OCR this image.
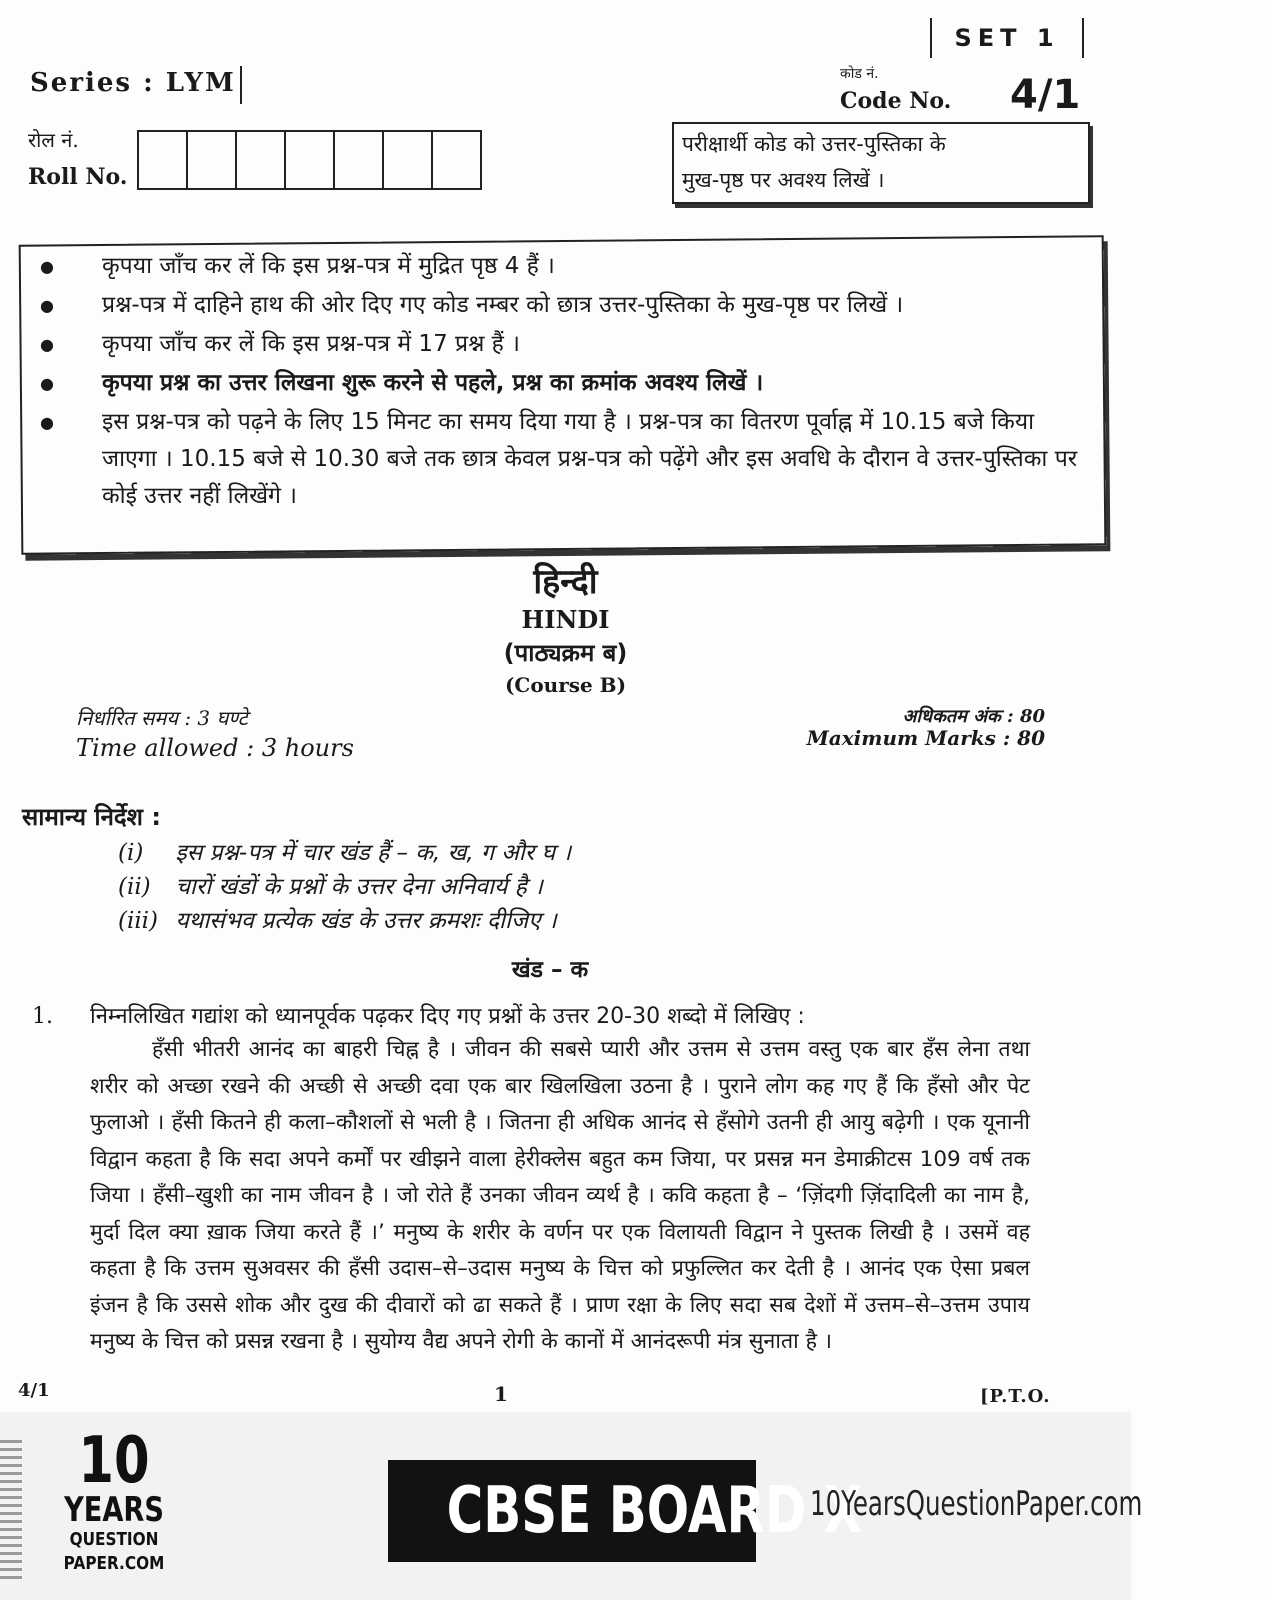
SET 1
Series : LYM	कोड नं.
Code No. 4/1
रोल नं.
Roll No.
परीक्षार्थी कोड को उत्तर-पुस्तिका के
मुख-पृष्ठ पर अवश्य लिखें ।
● कृपया जाँच कर लें कि इस प्रश्न-पत्र में मुद्रित पृष्ठ 4 हैं ।
● प्रश्न-पत्र में दाहिने हाथ की ओर दिए गए कोड नम्बर को छात्र उत्तर-पुस्तिका के मुख-पृष्ठ पर लिखें ।
● कृपया जाँच कर लें कि इस प्रश्न-पत्र में 17 प्रश्न हैं ।
● कृपया प्रश्न का उत्तर लिखना शुरू करने से पहले, प्रश्न का क्रमांक अवश्य लिखें ।
● इस प्रश्न-पत्र को पढ़ने के लिए 15 मिनट का समय दिया गया है । प्रश्न-पत्र का वितरण पूर्वाह्न में 10.15 बजे किया जाएगा । 10.15 बजे से 10.30 बजे तक छात्र केवल प्रश्न-पत्र को पढ़ेंगे और इस अवधि के दौरान वे उत्तर-पुस्तिका पर कोई उत्तर नहीं लिखेंगे ।
हिन्दी
HINDI
(पाठ्यक्रम ब)
(Course B)
निर्धारित समय : 3 घण्टे
Time allowed : 3 hours
अधिकतम अंक : 80
Maximum Marks : 80
सामान्य निर्देश :
(i) इस प्रश्न-पत्र में चार खंड हैं – क, ख, ग और घ ।
(ii) चारों खंडों के प्रश्नों के उत्तर देना अनिवार्य है ।
(iii) यथासंभव प्रत्येक खंड के उत्तर क्रमशः दीजिए ।
खंड – क
1. निम्नलिखित गद्यांश को ध्यानपूर्वक पढ़कर दिए गए प्रश्नों के उत्तर 20-30 शब्दो में लिखिए :

हँसी भीतरी आनंद का बाहरी चिह्न है । जीवन की सबसे प्यारी और उत्तम से उत्तम वस्तु एक बार हँस लेना तथा शरीर को अच्छा रखने की अच्छी से अच्छी दवा एक बार खिलखिला उठना है । पुराने लोग कह गए हैं कि हँसो और पेट फुलाओ । हँसी कितने ही कला–कौशलों से भली है । जितना ही अधिक आनंद से हँसोगे उतनी ही आयु बढ़ेगी । एक यूनानी विद्वान कहता है कि सदा अपने कर्मों पर खीझने वाला हेरीक्लेस बहुत कम जिया, पर प्रसन्न मन डेमाक्रीटस 109 वर्ष तक जिया । हँसी–खुशी का नाम जीवन है । जो रोते हैं उनका जीवन व्यर्थ है । कवि कहता है – ‘ज़िंदगी ज़िंदादिली का नाम है, मुर्दा दिल क्या ख़ाक जिया करते हैं ।’ मनुष्य के शरीर के वर्णन पर एक विलायती विद्वान ने पुस्तक लिखी है । उसमें वह कहता है कि उत्तम सुअवसर की हँसी उदास–से–उदास मनुष्य के चित्त को प्रफुल्लित कर देती है । आनंद एक ऐसा प्रबल इंजन है कि उससे शोक और दुख की दीवारों को ढा सकते हैं । प्राण रक्षा के लिए सदा सब देशों में उत्तम–से–उत्तम उपाय मनुष्य के चित्त को प्रसन्न रखना है । सुयोग्य वैद्य अपने रोगी के कानों में आनंदरूपी मंत्र सुनाता है ।

4/1	1	[P.T.O.
10
YEARS
QUESTION PAPER.COM
CBSE BOARD X
10YearsQuestionPaper.com
